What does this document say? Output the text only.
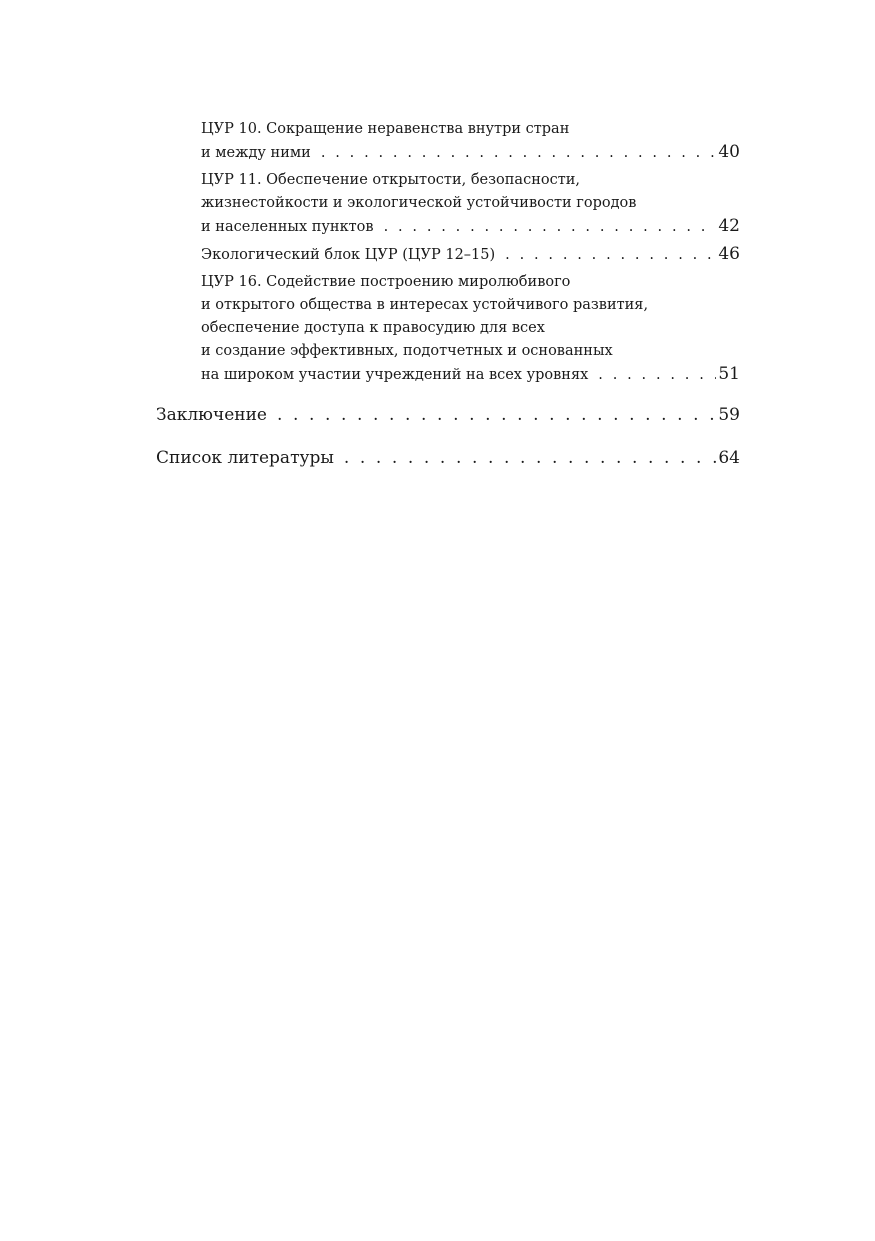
ЦУР 10. Сокращение неравенства внутри стран
и между ними . . .	40
ЦУР 11. Обеспечение открытости, безопасности,
жизнестойкости и экологической устойчивости городов
и населенных пунктов . . .	42
Экологический блок ЦУР (ЦУР 12–15) . . .	46
ЦУР 16. Содействие построению миролюбивого
и открытого общества в интересах устойчивого развития,
обеспечение доступа к правосудию для всех
и создание эффективных, подотчетных и основанных
на широком участии учреждений на всех уровнях . . .	51
Заключение . . .	59
Список литературы . . .	64
